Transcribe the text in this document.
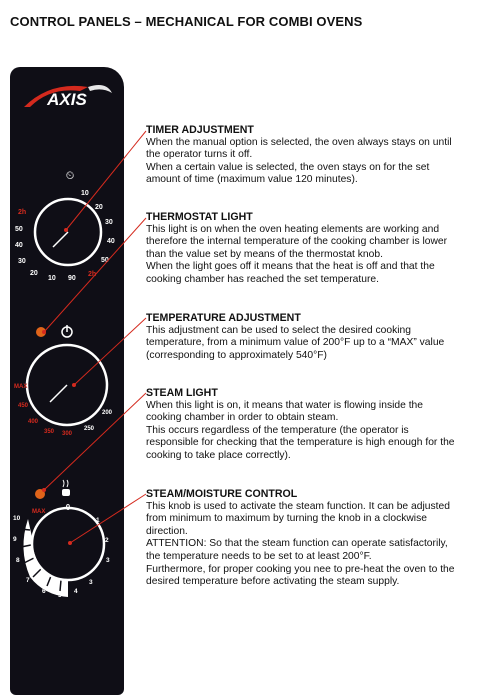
CONTROL PANELS – MECHANICAL FOR COMBI OVENS
AXIS
⏲
10
20
30
40
50
2h
90
2h
50
40
30
20
10
MAX
450
400
350 300
250
200
0
MAX
10
9
8
7
6
5
4
3
1
2
3
TIMER ADJUSTMENT

When the manual option is selected, the oven always stays on until

the operator turns it off.

When a certain value is selected, the oven stays on for the set

amount of time (maximum value 120 minutes).

THERMOSTAT LIGHT

This light is on when the oven heating elements are working and

therefore the internal temperature of the cooking chamber is lower

than the value set by means of the thermostat knob.

When the light goes off it means that the heat is off and that the

cooking chamber has reached the set temperature.

TEMPERATURE ADJUSTMENT

This adjustment can be used to select the desired cooking

temperature, from a minimum value of 200°F up to a “MAX” value

(corresponding to approximately 540°F)

STEAM LIGHT

When this light is on, it means that water is flowing inside the

cooking chamber in order to obtain steam.

This occurs regardless of the temperature (the operator is

responsible for checking that the temperature is high enough for the

cooking to take place correctly).

STEAM/MOISTURE CONTROL

This knob is used to activate the steam function. It can be adjusted

from minimum to maximum by turning the knob in a clockwise

direction.

ATTENTION: So that the steam function can operate satisfactorily,

the temperature needs to be set to at least 200°F.

Furthermore, for proper cooking you nee to pre-heat the oven to the

desired temperature before activating the steam supply.
